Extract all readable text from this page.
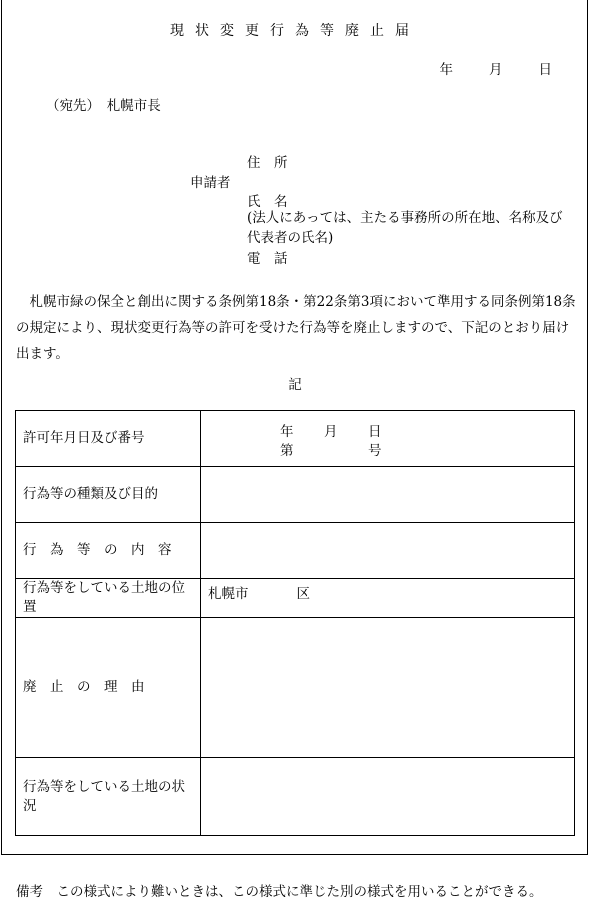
現状変更行為等廃止届
年	月	日
（宛先）　札幌市長
住　所
申請者
氏　名
(法人にあっては、主たる事務所の所在地、名称及び代表者の氏名)
電　話
　札幌市緑の保全と創出に関する条例第18条・第22条第3項において準用する同条例第18条の規定により、現状変更行為等の許可を受けた行為等を廃止しますので、下記のとおり届け出ます。
記
許可年月日及び番号	年 月 日
第 号

行為等の種類及び目的	
行　為　等　の　内　容	
行為等をしている土地の位置	札幌市 区
廃　止　の　理　由	
行為等をしている土地の状況	
備考　この様式により難いときは、この様式に準じた別の様式を用いることができる。
